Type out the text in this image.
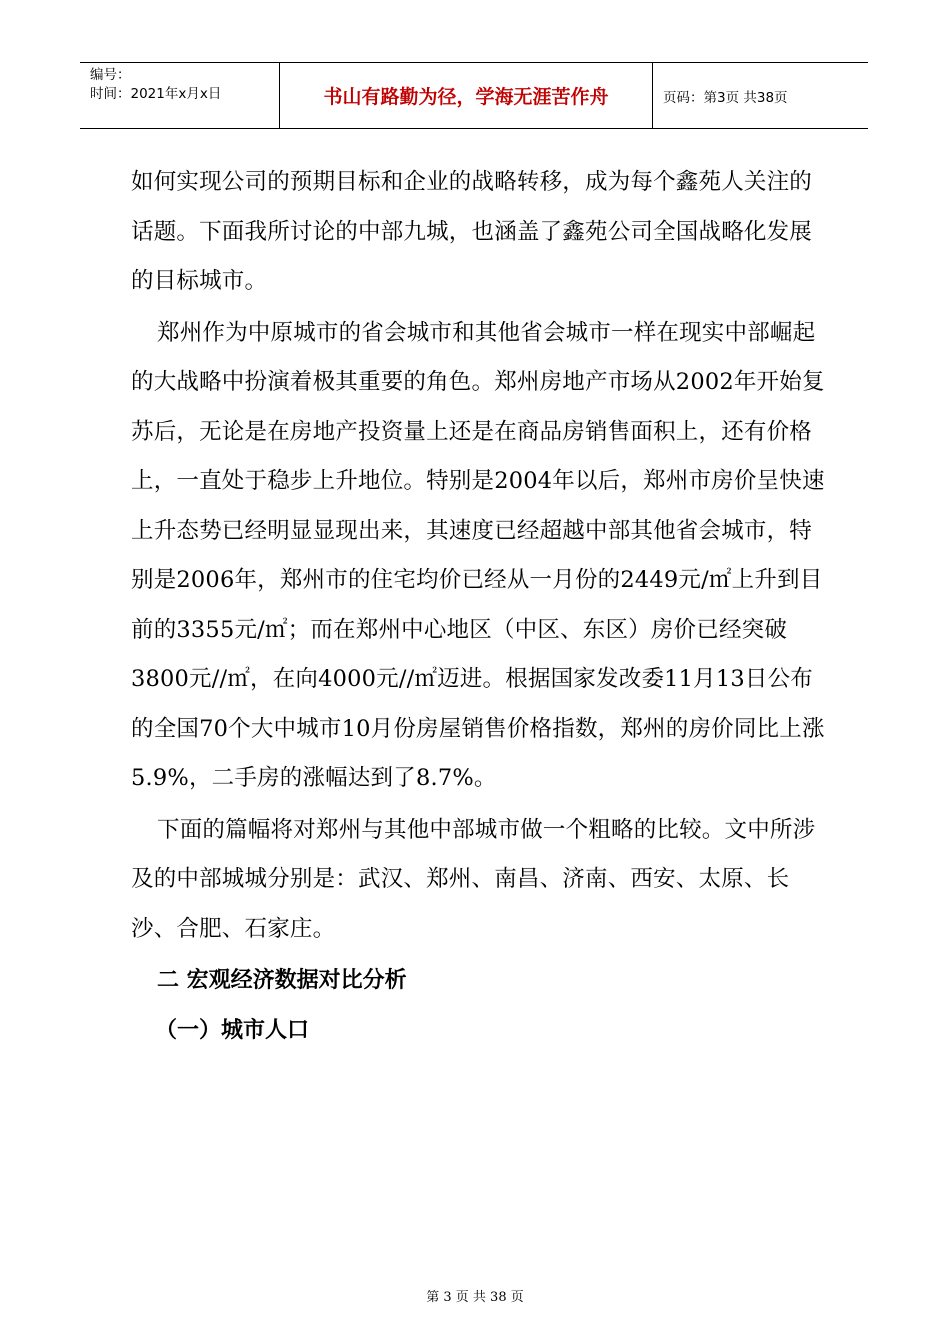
编号：
时间：2021年x月x日	书山有路勤为径，学海无涯苦作舟	页码：第3页 共38页

如何实现公司的预期目标和企业的战略转移，成为每个鑫苑人关注的话题。下面我所讨论的中部九城，也涵盖了鑫苑公司全国战略化发展的目标城市。

郑州作为中原城市的省会城市和其他省会城市一样在现实中部崛起的大战略中扮演着极其重要的角色。郑州房地产市场从2002年开始复苏后，无论是在房地产投资量上还是在商品房销售面积上，还有价格上，一直处于稳步上升地位。特别是2004年以后，郑州市房价呈快速上升态势已经明显显现出来，其速度已经超越中部其他省会城市，特别是2006年，郑州市的住宅均价已经从一月份的2449元/㎡上升到目前的3355元/㎡；而在郑州中心地区（中区、东区）房价已经突破3800元//㎡，在向4000元//㎡迈进。根据国家发改委11月13日公布的全国70个大中城市10月份房屋销售价格指数，郑州的房价同比上涨5.9%，二手房的涨幅达到了8.7%。

下面的篇幅将对郑州与其他中部城市做一个粗略的比较。文中所涉及的中部城城分别是：武汉、郑州、南昌、济南、西安、太原、长沙、合肥、石家庄。

二 宏观经济数据对比分析

（一）城市人口

第 3 页 共 38 页
